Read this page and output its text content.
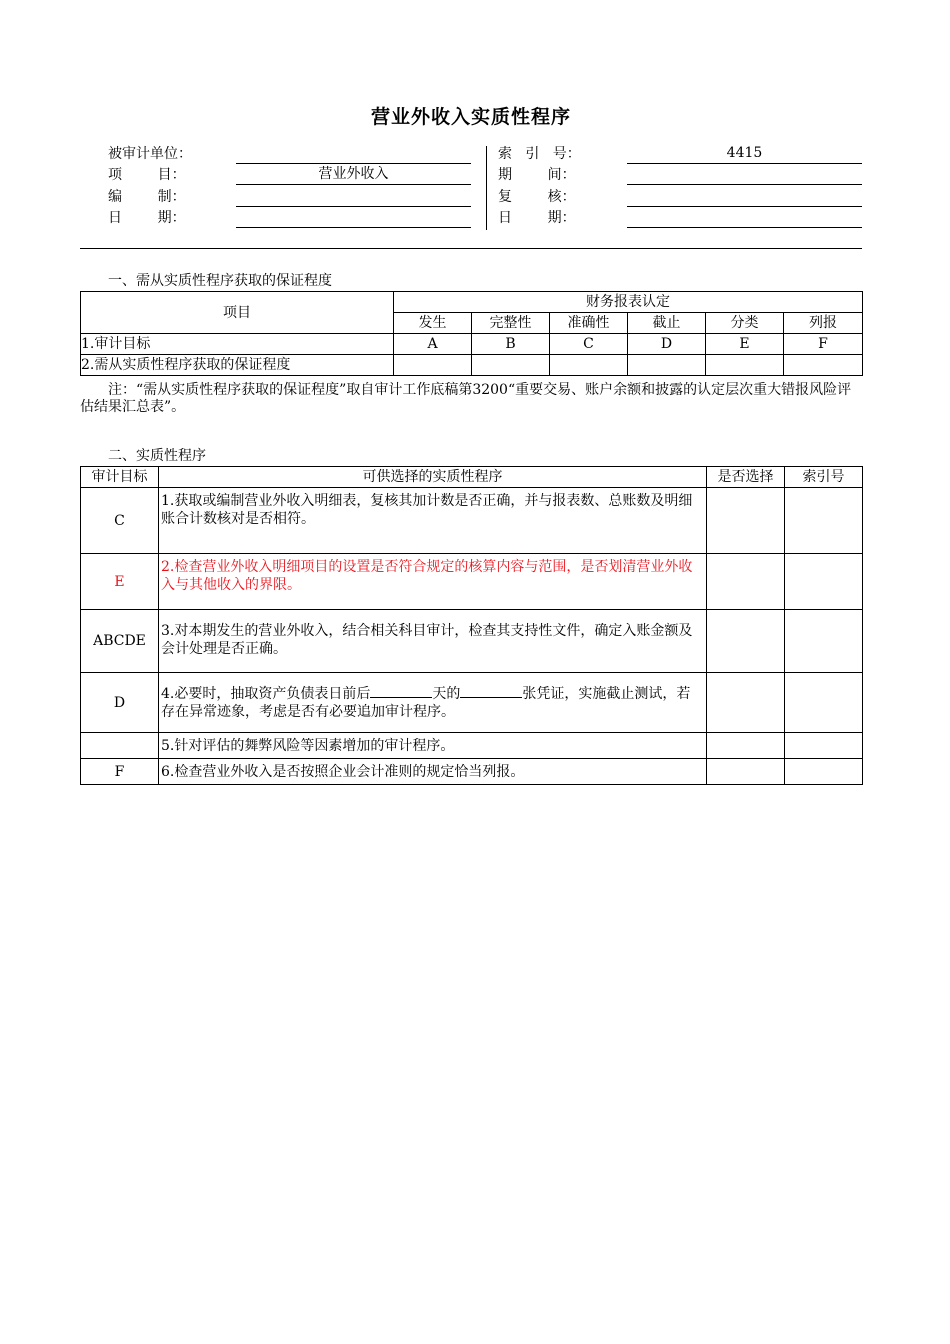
营业外收入实质性程序
被审计单位：
项        目：	营业外收入
编        制：
日        期：
索   引   号：	4415
期        间：
复        核：
日        期：
一、需从实质性程序获取的保证程度
项目	财务报表认定					
	发生	完整性	准确性	截止	分类	列报
1.审计目标	A	B	C	D	E	F
2.需从实质性程序获取的保证程度						
注：“需从实质性程序获取的保证程度”取自审计工作底稿第3200“重要交易、账户余额和披露的认定层次重大错报风险评估结果汇总表”。
二、实质性程序
审计目标	可供选择的实质性程序	是否选择	索引号
C	1.获取或编制营业外收入明细表，复核其加计数是否正确，并与报表数、总账数及明细账合计数核对是否相符。		
E	2.检查营业外收入明细项目的设置是否符合规定的核算内容与范围，是否划清营业外收入与其他收入的界限。		
ABCDE	3.对本期发生的营业外收入，结合相关科目审计，检查其支持性文件，确定入账金额及会计处理是否正确。		
D	4.必要时，抽取资产负债表日前后 天的 张凭证，实施截止测试，若存在异常迹象，考虑是否有必要追加审计程序。		
	5.针对评估的舞弊风险等因素增加的审计程序。		
F	6.检查营业外收入是否按照企业会计准则的规定恰当列报。		
